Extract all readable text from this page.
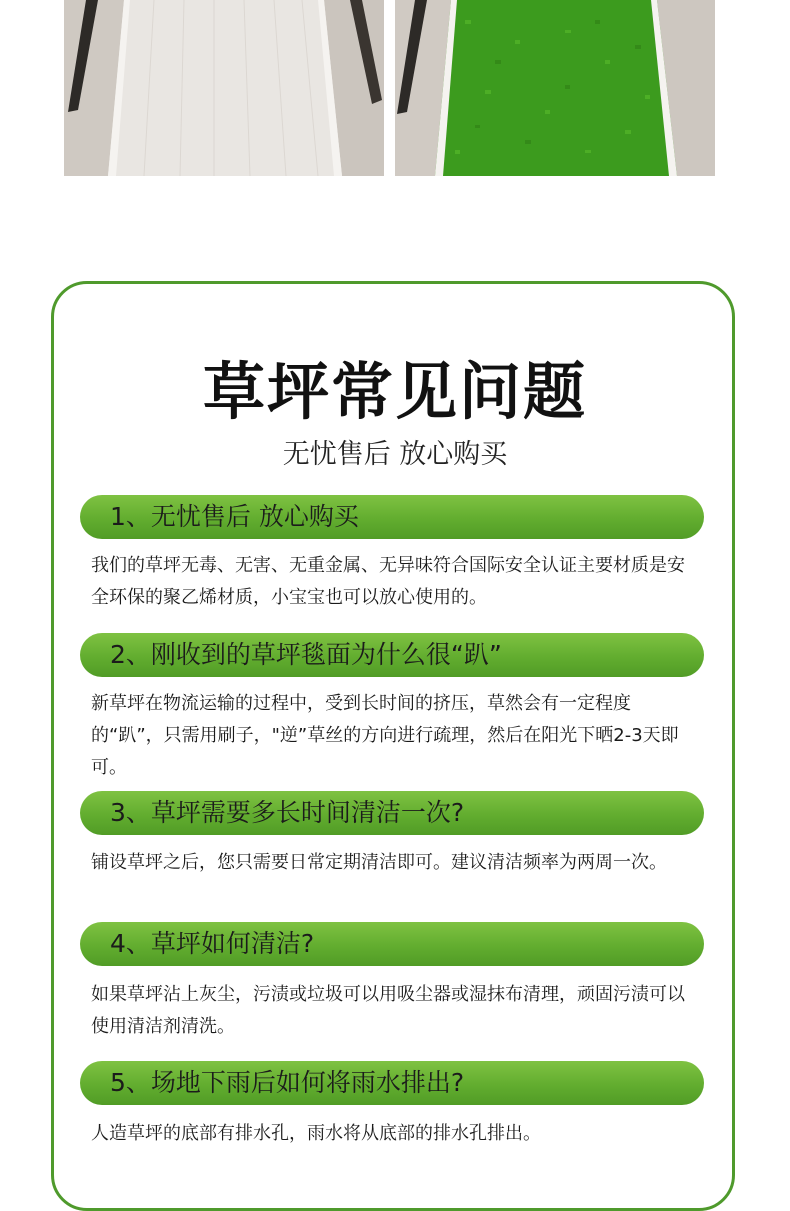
草坪常见问题
无忧售后 放心购买
1、无忧售后 放心购买
我们的草坪无毒、无害、无重金属、无异味符合国际安全认证主要材质是安全环保的聚乙烯材质，小宝宝也可以放心使用的。
2、刚收到的草坪毯面为什么很“趴”
新草坪在物流运输的过程中，受到长时间的挤压，草然会有一定程度的“趴”，只需用刷子，"逆”草丝的方向进行疏理，然后在阳光下晒2-3天即可。
3、草坪需要多长时间清洁一次?
铺设草坪之后，您只需要日常定期清洁即可。建议清洁频率为两周一次。
4、草坪如何清洁?
如果草坪沾上灰尘，污渍或垃圾可以用吸尘器或湿抹布清理，顽固污渍可以使用清洁剂清洗。
5、场地下雨后如何将雨水排出?
人造草坪的底部有排水孔，雨水将从底部的排水孔排出。
